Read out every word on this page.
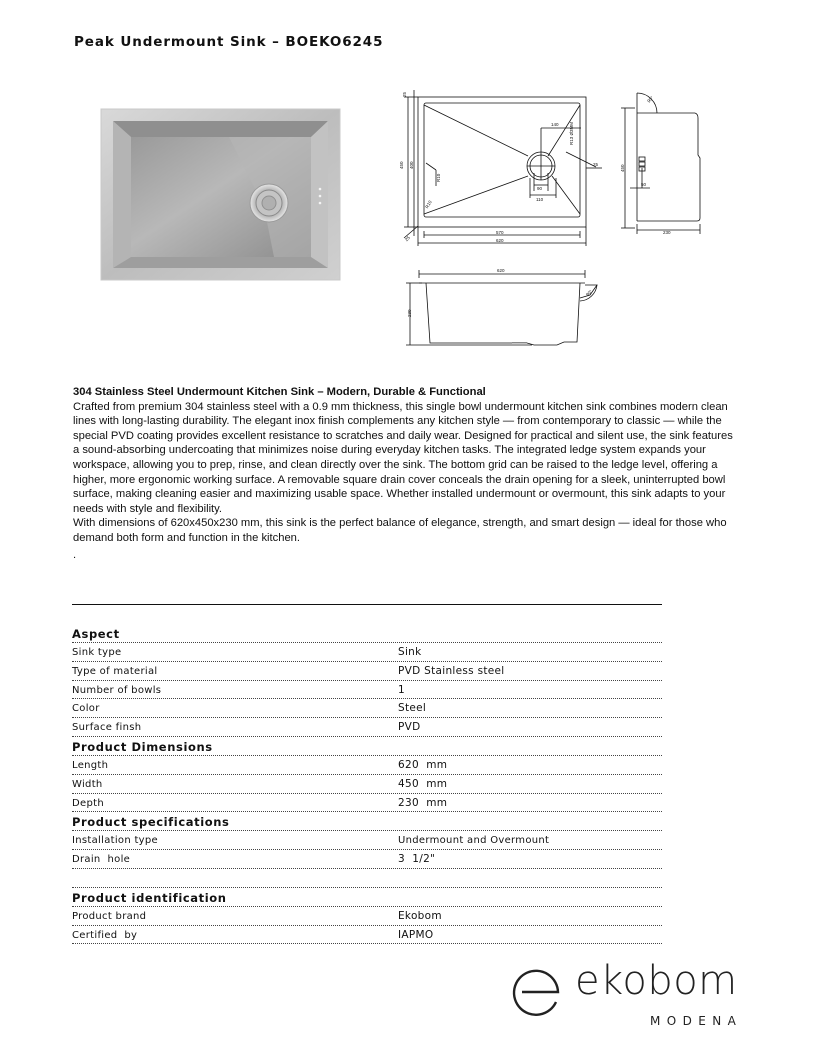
Peak Undermount Sink – BOEKO6245
25
450 400
140 R13 Ø3MM
25
90
110
R10
R10
25
570
620
90°
450
50
230
620
230
90°

304 Stainless Steel Undermount Kitchen Sink – Modern, Durable & Functional

Crafted from premium 304 stainless steel with a 0.9 mm thickness, this single bowl undermount kitchen sink combines modern clean lines with long-lasting durability. The elegant inox finish complements any kitchen style — from contemporary to classic — while the special PVD coating provides excellent resistance to scratches and daily wear. Designed for practical and silent use, the sink features a sound-absorbing undercoating that minimizes noise during everyday kitchen tasks. The integrated ledge system expands your workspace, allowing you to prep, rinse, and clean directly over the sink. The bottom grid can be raised to the ledge level, offering a higher, more ergonomic working surface. A removable square drain cover conceals the drain opening for a sleek, uninterrupted bowl surface, making cleaning easier and maximizing usable space. Whether installed undermount or overmount, this sink adapts to your needs with style and flexibility.

With dimensions of 620x450x230 mm, this sink is the perfect balance of elegance, strength, and smart design — ideal for those who demand both form and function in the kitchen.

.

Aspect
Sink type	Sink
Type of material	PVD Stainless steel
Number of bowls	1
Color	Steel
Surface finsh	PVD
Product Dimensions
Length	620  mm
Width	450  mm
Depth	230  mm
Product specifications
Installation type	Undermount and Overmount
Drain  hole	3  1/2"
Product identification
Product brand	Ekobom
Certified  by	IAPMO
ekobom
MODENA
